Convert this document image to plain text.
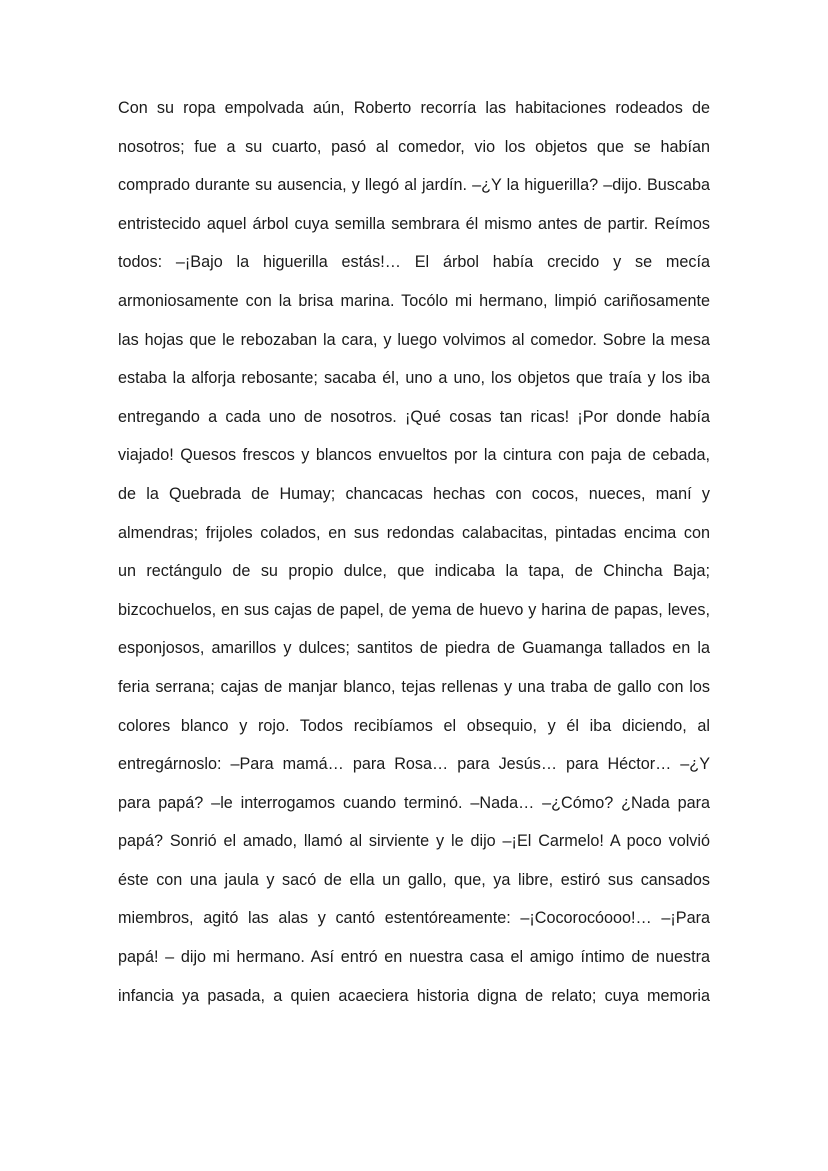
Con su ropa empolvada aún, Roberto recorría las habitaciones rodeados de
nosotros; fue a su cuarto, pasó al comedor, vio los objetos que se habían
comprado durante su ausencia, y llegó al jardín. –¿Y la higuerilla? –dijo. Buscaba
entristecido aquel árbol cuya semilla sembrara él mismo antes de partir. Reímos
todos: –¡Bajo la higuerilla estás!… El árbol había crecido y se mecía
armoniosamente con la brisa marina. Tocólo mi hermano, limpió cariñosamente
las hojas que le rebozaban la cara, y luego volvimos al comedor. Sobre la mesa
estaba la alforja rebosante; sacaba él, uno a uno, los objetos que traía y los iba
entregando a cada uno de nosotros. ¡Qué cosas tan ricas! ¡Por donde había
viajado! Quesos frescos y blancos envueltos por la cintura con paja de cebada,
de la Quebrada de Humay; chancacas hechas con cocos, nueces, maní y
almendras; frijoles colados, en sus redondas calabacitas, pintadas encima con
un rectángulo de su propio dulce, que indicaba la tapa, de Chincha Baja;
bizcochuelos, en sus cajas de papel, de yema de huevo y harina de papas, leves,
esponjosos, amarillos y dulces; santitos de piedra de Guamanga tallados en la
feria serrana; cajas de manjar blanco, tejas rellenas y una traba de gallo con los
colores blanco y rojo. Todos recibíamos el obsequio, y él iba diciendo, al
entregárnoslo: –Para mamá… para Rosa… para Jesús… para Héctor… –¿Y
para papá? –le interrogamos cuando terminó. –Nada… –¿Cómo? ¿Nada para
papá? Sonrió el amado, llamó al sirviente y le dijo –¡El Carmelo! A poco volvió
éste con una jaula y sacó de ella un gallo, que, ya libre, estiró sus cansados
miembros, agitó las alas y cantó estentóreamente: –¡Cocorocóooo!… –¡Para
papá! – dijo mi hermano. Así entró en nuestra casa el amigo íntimo de nuestra
infancia ya pasada, a quien acaeciera historia digna de relato; cuya memoria
